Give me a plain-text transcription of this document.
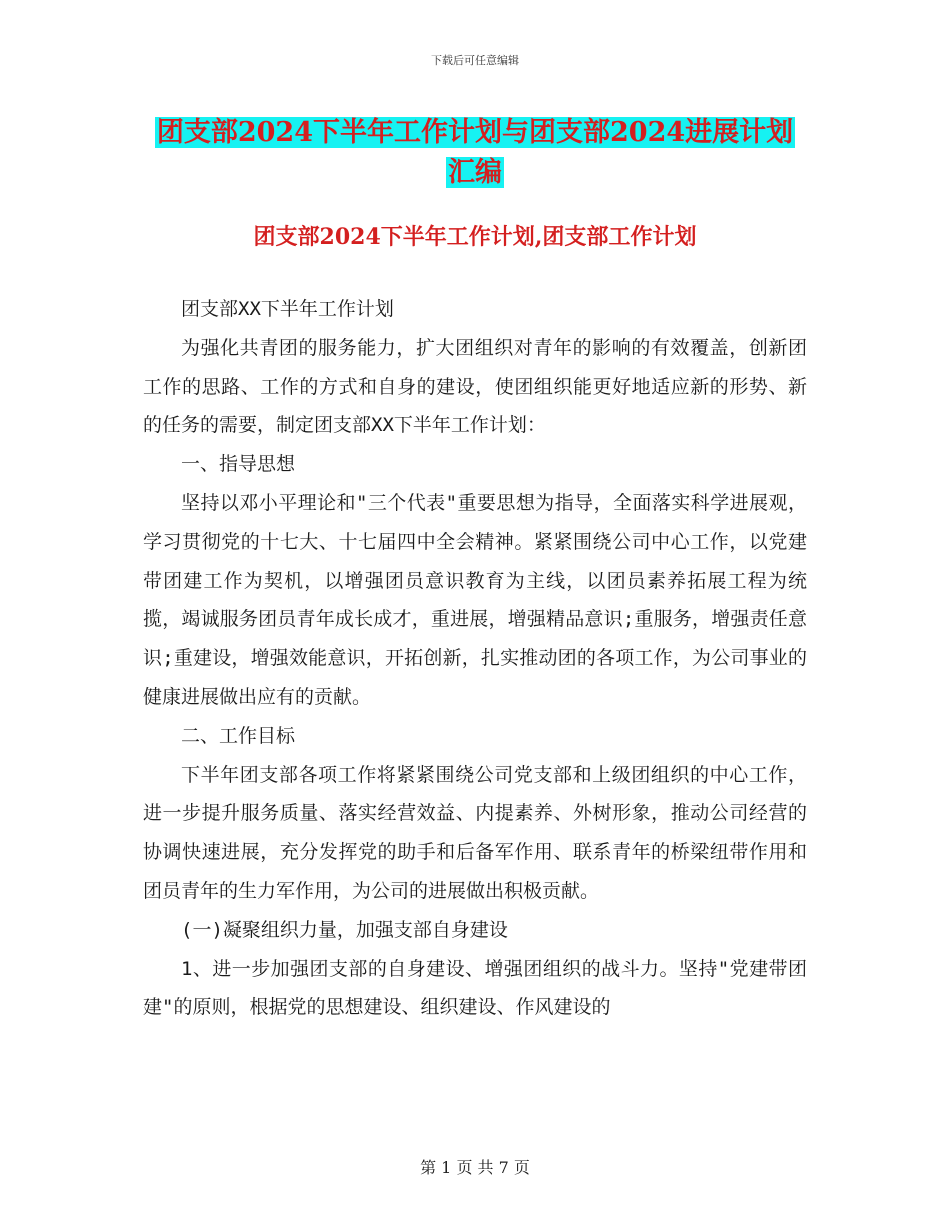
下载后可任意编辑
团支部2024下半年工作计划与团支部2024进展计划
汇编
团支部2024下半年工作计划,团支部工作计划

团支部XX下半年工作计划

为强化共青团的服务能力，扩大团组织对青年的影响的有效覆盖，创新团工作的思路、工作的方式和自身的建设，使团组织能更好地适应新的形势、新的任务的需要，制定团支部XX下半年工作计划：

一、指导思想

坚持以邓小平理论和"三个代表"重要思想为指导，全面落实科学进展观，学习贯彻党的十七大、十七届四中全会精神。紧紧围绕公司中心工作，以党建带团建工作为契机，以增强团员意识教育为主线，以团员素养拓展工程为统揽，竭诚服务团员青年成长成才，重进展，增强精品意识;重服务，增强责任意识;重建设，增强效能意识，开拓创新，扎实推动团的各项工作，为公司事业的健康进展做出应有的贡献。

二、工作目标

下半年团支部各项工作将紧紧围绕公司党支部和上级团组织的中心工作，进一步提升服务质量、落实经营效益、内提素养、外树形象，推动公司经营的协调快速进展，充分发挥党的助手和后备军作用、联系青年的桥梁纽带作用和团员青年的生力军作用，为公司的进展做出积极贡献。

(一)凝聚组织力量，加强支部自身建设

1、进一步加强团支部的自身建设、增强团组织的战斗力。坚持"党建带团建"的原则，根据党的思想建设、组织建设、作风建设的

第 1 页 共 7 页
